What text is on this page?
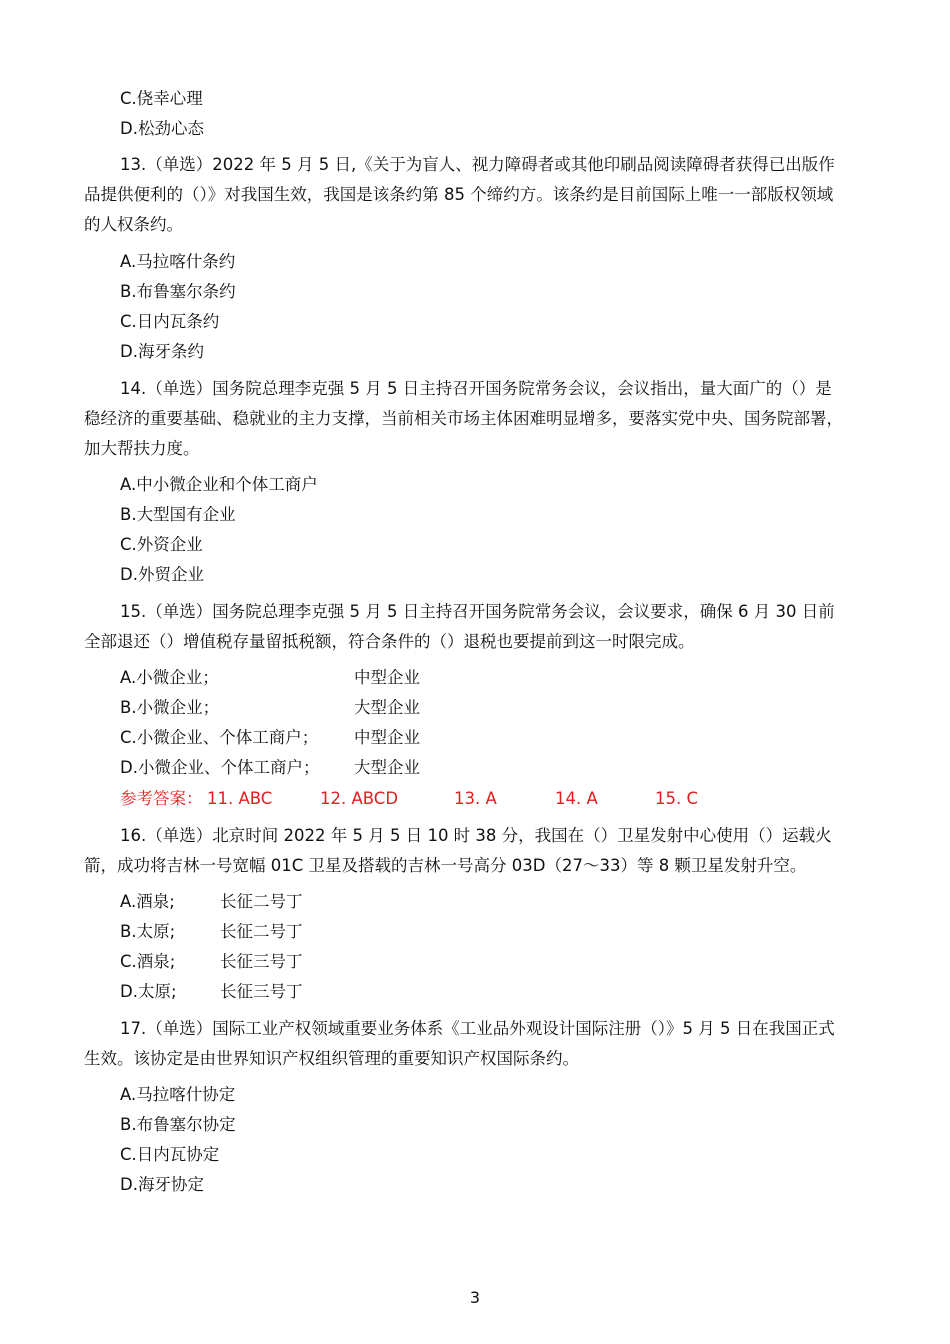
C.侥幸心理
D.松劲心态
13.（单选）2022 年 5 月 5 日,《关于为盲人、视力障碍者或其他印刷品阅读障碍者获得已出版作
品提供便利的（）》对我国生效，我国是该条约第 85 个缔约方。该条约是目前国际上唯一一部版权领域
的人权条约。
A.马拉喀什条约
B.布鲁塞尔条约
C.日内瓦条约
D.海牙条约
14.（单选）国务院总理李克强 5 月 5 日主持召开国务院常务会议，会议指出，量大面广的（）是
稳经济的重要基础、稳就业的主力支撑，当前相关市场主体困难明显增多，要落实党中央、国务院部署，
加大帮扶力度。
A.中小微企业和个体工商户
B.大型国有企业
C.外资企业
D.外贸企业
15.（单选）国务院总理李克强 5 月 5 日主持召开国务院常务会议，会议要求，确保 6 月 30 日前
全部退还（）增值税存量留抵税额，符合条件的（）退税也要提前到这一时限完成。
A.小微企业；	中型企业
B.小微企业；	大型企业
C.小微企业、个体工商户； 中型企业
D.小微企业、个体工商户； 大型企业
参考答案： 11. ABC	12. ABCD	13. A	14. A	15. C
16.（单选）北京时间 2022 年 5 月 5 日 10 时 38 分，我国在（）卫星发射中心使用（）运载火
箭，成功将吉林一号宽幅 01C 卫星及搭载的吉林一号高分 03D（27～33）等 8 颗卫星发射升空。
A.酒泉;	长征二号丁
B.太原;	长征二号丁
C.酒泉;	长征三号丁
D.太原;	长征三号丁
17.（单选）国际工业产权领域重要业务体系《工业品外观设计国际注册（）》5 月 5 日在我国正式
生效。该协定是由世界知识产权组织管理的重要知识产权国际条约。
A.马拉喀什协定
B.布鲁塞尔协定
C.日内瓦协定
D.海牙协定
3
